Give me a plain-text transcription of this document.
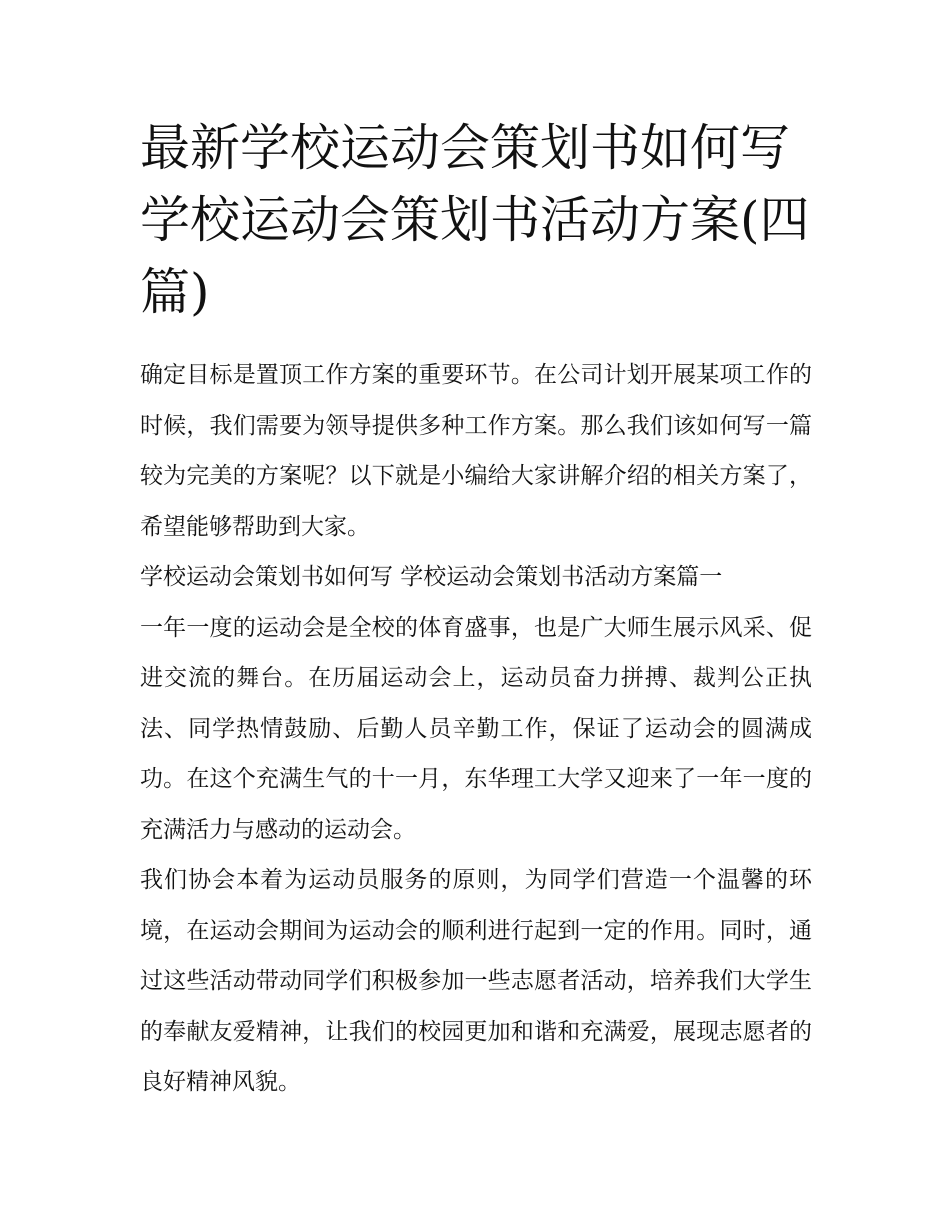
最新学校运动会策划书如何写 学校运动会策划书活动方案(四篇)

确定目标是置顶工作方案的重要环节。在公司计划开展某项工作的时候，我们需要为领导提供多种工作方案。那么我们该如何写一篇较为完美的方案呢？以下就是小编给大家讲解介绍的相关方案了，希望能够帮助到大家。

学校运动会策划书如何写 学校运动会策划书活动方案篇一

一年一度的运动会是全校的体育盛事，也是广大师生展示风采、促进交流的舞台。在历届运动会上，运动员奋力拼搏、裁判公正执法、同学热情鼓励、后勤人员辛勤工作，保证了运动会的圆满成功。在这个充满生气的十一月，东华理工大学又迎来了一年一度的充满活力与感动的运动会。

我们协会本着为运动员服务的原则，为同学们营造一个温馨的环境，在运动会期间为运动会的顺利进行起到一定的作用。同时，通过这些活动带动同学们积极参加一些志愿者活动，培养我们大学生的奉献友爱精神，让我们的校园更加和谐和充满爱，展现志愿者的良好精神风貌。
